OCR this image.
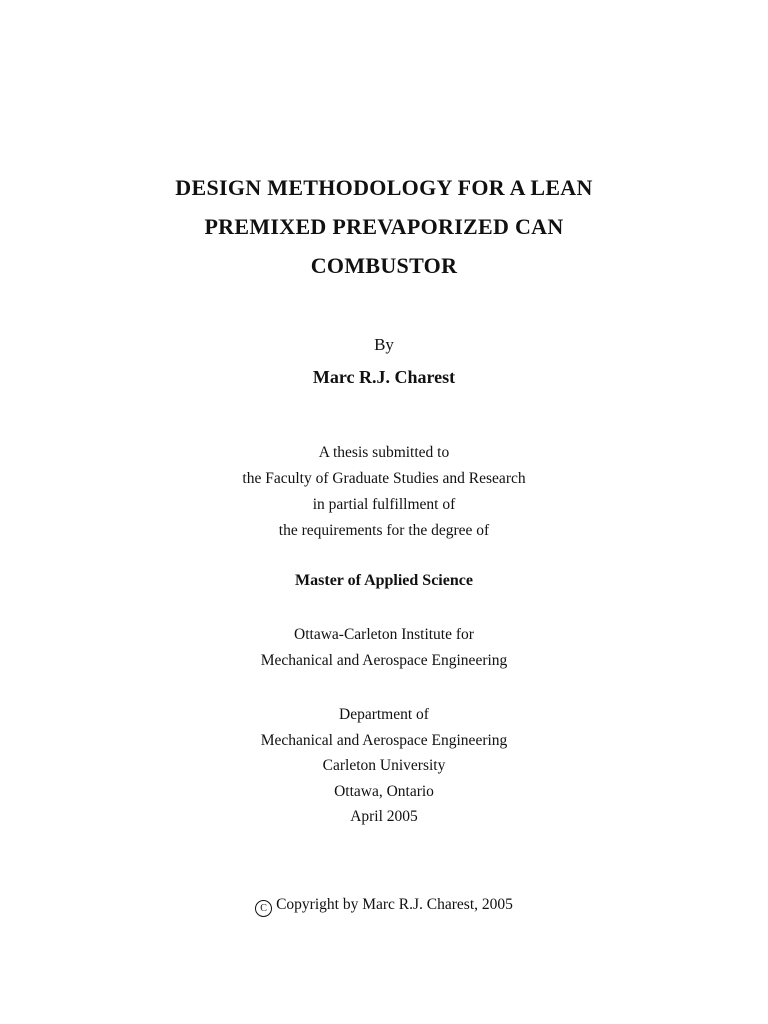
DESIGN METHODOLOGY FOR A LEAN
PREMIXED PREVAPORIZED CAN
COMBUSTOR
By
Marc R.J. Charest
A thesis submitted to
the Faculty of Graduate Studies and Research
in partial fulfillment of
the requirements for the degree of
Master of Applied Science
Ottawa-Carleton Institute for
Mechanical and Aerospace Engineering
Department of
Mechanical and Aerospace Engineering
Carleton University
Ottawa, Ontario
April 2005
C Copyright by Marc R.J. Charest, 2005
